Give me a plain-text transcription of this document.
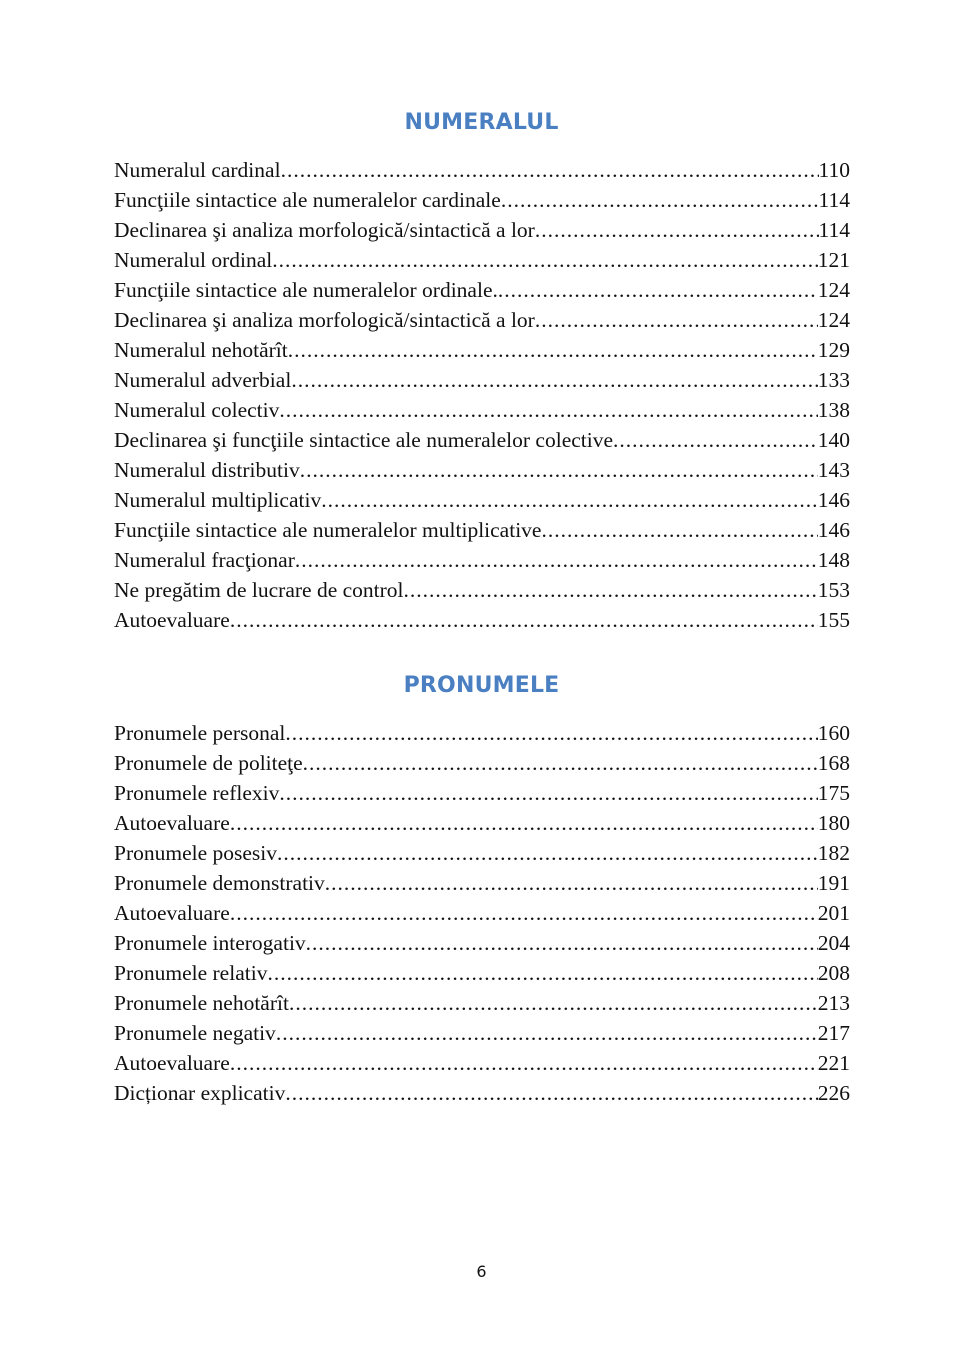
NUMERALUL
Numeralul cardinal .....	110
Funcţiile sintactice ale numeralelor cardinale .....	114
Declinarea şi analiza morfologică/sintactică a lor .....	114
Numeralul ordinal .....	121
Funcţiile sintactice ale numeralelor ordinale. .....	124
Declinarea şi analiza morfologică/sintactică a lor .....	124
Numeralul nehotărît .....	129
Numeralul adverbial .....	133
Numeralul colectiv .....	138
Declinarea şi funcţiile sintactice ale numeralelor colective .....	140
Numeralul distributiv .....	143
Numeralul multiplicativ .....	146
Funcţiile sintactice ale numeralelor multiplicative .....	146
Numeralul fracţionar .....	148
Ne pregătim de lucrare de control .....	153
Autoevaluare .....	155
PRONUMELE
Pronumele personal .....	160
Pronumele de politeţe .....	168
Pronumele reflexiv .....	175
Autoevaluare .....	180
Pronumele posesiv .....	182
Pronumele demonstrativ .....	191
Autoevaluare .....	201
Pronumele interogativ .....	204
Pronumele relativ .....	208
Pronumele nehotărît .....	213
Pronumele negativ .....	217
Autoevaluare .....	221
Dicționar explicativ .....	226
6
